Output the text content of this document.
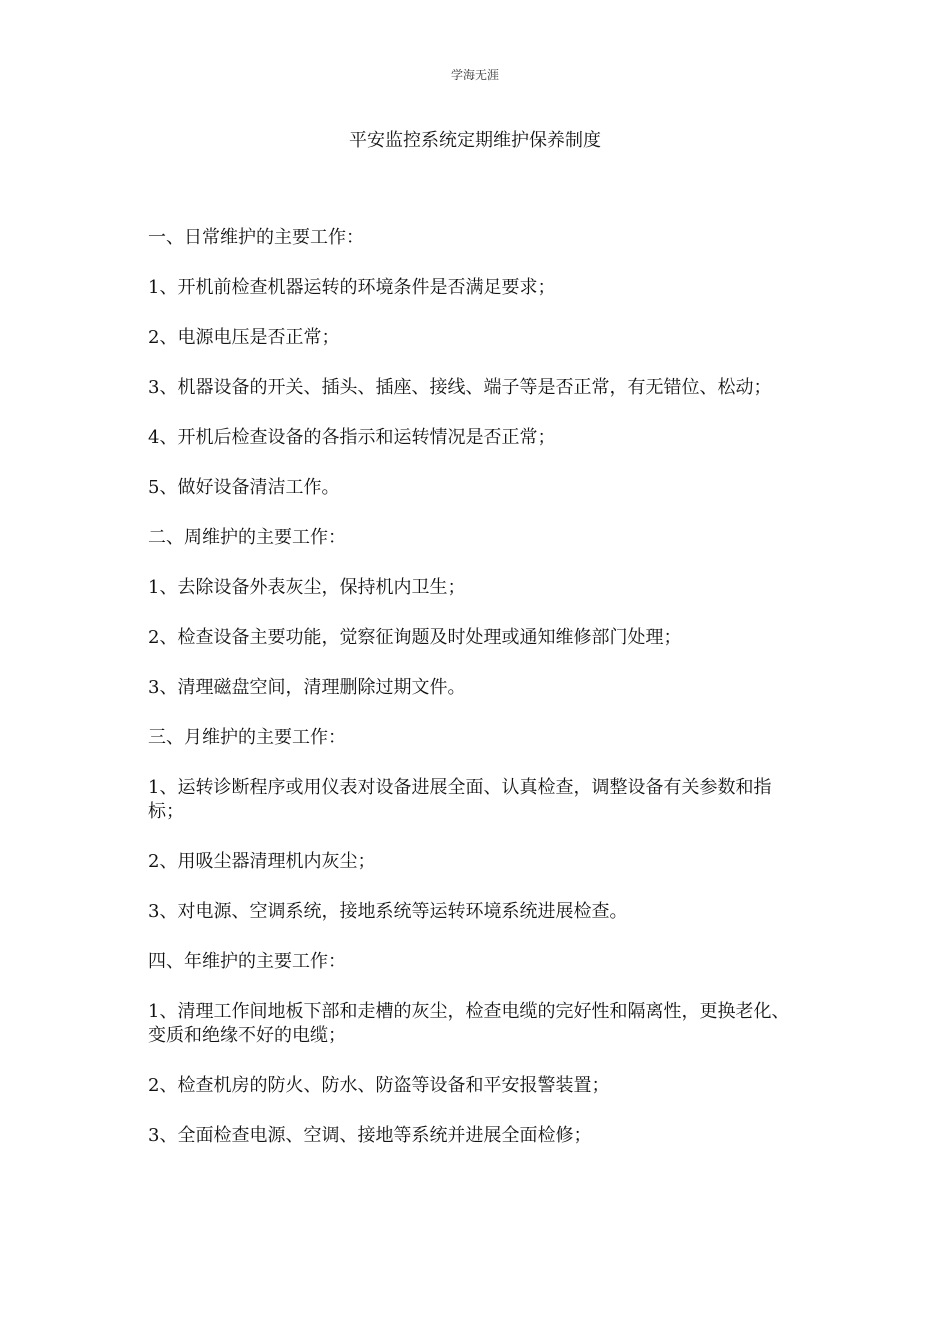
学海无涯
平安监控系统定期维护保养制度

一、日常维护的主要工作：

1、开机前检查机器运转的环境条件是否满足要求；

2、电源电压是否正常；

3、机器设备的开关、插头、插座、接线、端子等是否正常，有无错位、松动；

4、开机后检查设备的各指示和运转情况是否正常；

5、做好设备清洁工作。

二、周维护的主要工作：

1、去除设备外表灰尘，保持机内卫生；

2、检查设备主要功能，觉察征询题及时处理或通知维修部门处理；

3、清理磁盘空间，清理删除过期文件。

三、月维护的主要工作：

1、运转诊断程序或用仪表对设备进展全面、认真检查，调整设备有关参数和指标；

2、用吸尘器清理机内灰尘；

3、对电源、空调系统，接地系统等运转环境系统进展检查。

四、年维护的主要工作：

1、清理工作间地板下部和走槽的灰尘，检查电缆的完好性和隔离性，更换老化、变质和绝缘不好的电缆；

2、检查机房的防火、防水、防盗等设备和平安报警装置；

3、全面检查电源、空调、接地等系统并进展全面检修；
